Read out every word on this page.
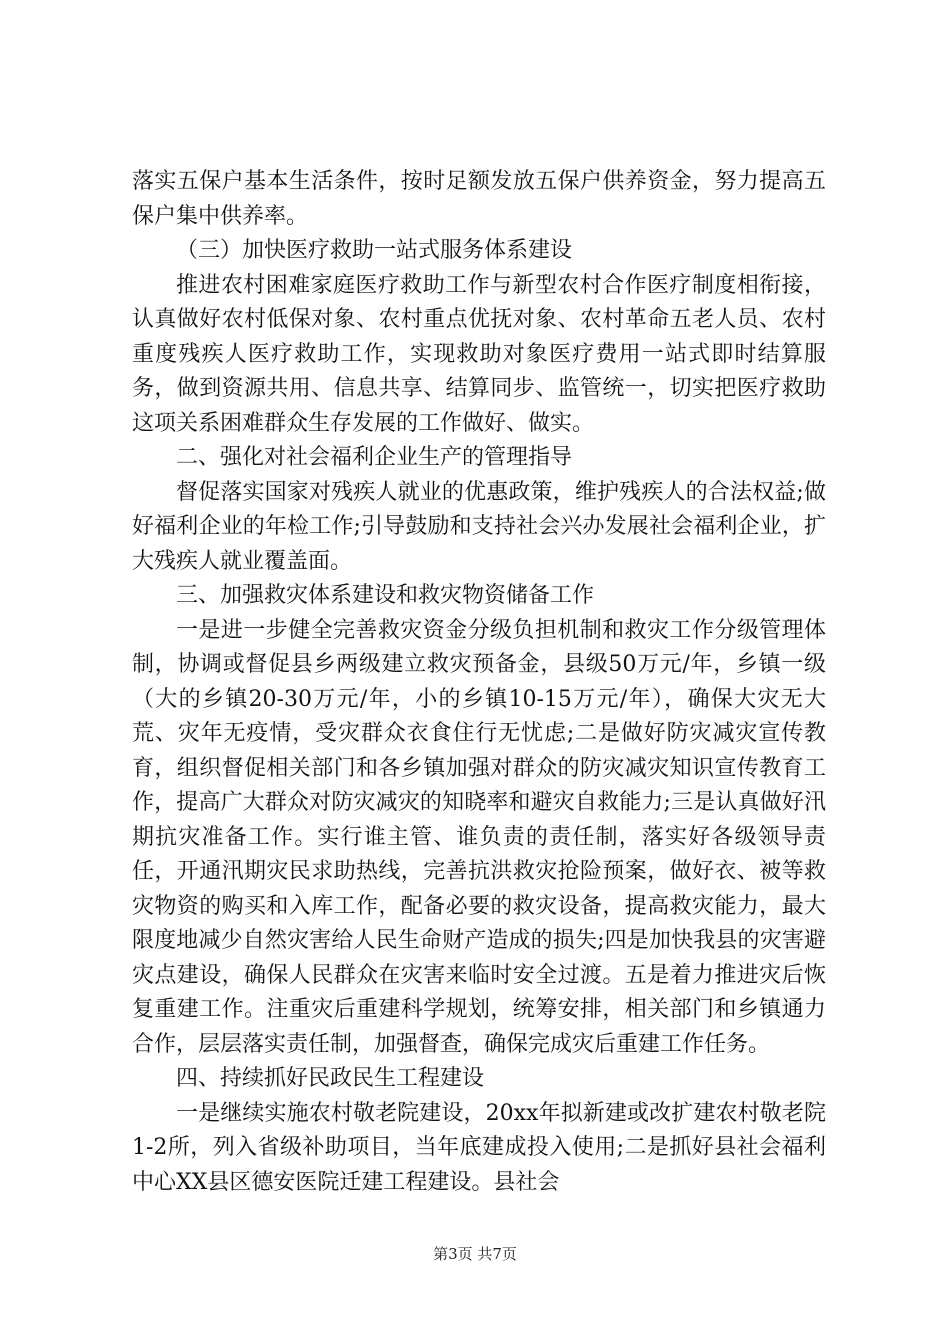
落实五保户基本生活条件，按时足额发放五保户供养资金，努力提高五保户集中供养率。

（三）加快医疗救助一站式服务体系建设

推进农村困难家庭医疗救助工作与新型农村合作医疗制度相衔接，认真做好农村低保对象、农村重点优抚对象、农村革命五老人员、农村重度残疾人医疗救助工作，实现救助对象医疗费用一站式即时结算服务，做到资源共用、信息共享、结算同步、监管统一，切实把医疗救助这项关系困难群众生存发展的工作做好、做实。

二、强化对社会福利企业生产的管理指导

督促落实国家对残疾人就业的优惠政策，维护残疾人的合法权益;做好福利企业的年检工作;引导鼓励和支持社会兴办发展社会福利企业，扩大残疾人就业覆盖面。

三、加强救灾体系建设和救灾物资储备工作

一是进一步健全完善救灾资金分级负担机制和救灾工作分级管理体制，协调或督促县乡两级建立救灾预备金，县级50万元/年，乡镇一级（大的乡镇20-30万元/年，小的乡镇10-15万元/年），确保大灾无大荒、灾年无疫情，受灾群众衣食住行无忧虑;二是做好防灾减灾宣传教育，组织督促相关部门和各乡镇加强对群众的防灾减灾知识宣传教育工作，提高广大群众对防灾减灾的知晓率和避灾自救能力;三是认真做好汛期抗灾准备工作。实行谁主管、谁负责的责任制，落实好各级领导责任，开通汛期灾民求助热线，完善抗洪救灾抢险预案，做好衣、被等救灾物资的购买和入库工作，配备必要的救灾设备，提高救灾能力，最大限度地减少自然灾害给人民生命财产造成的损失;四是加快我县的灾害避灾点建设，确保人民群众在灾害来临时安全过渡。五是着力推进灾后恢复重建工作。注重灾后重建科学规划，统筹安排，相关部门和乡镇通力合作，层层落实责任制，加强督查，确保完成灾后重建工作任务。

四、持续抓好民政民生工程建设

一是继续实施农村敬老院建设，20xx年拟新建或改扩建农村敬老院1-2所，列入省级补助项目，当年底建成投入使用;二是抓好县社会福利中心XX县区德安医院迁建工程建设。县社会

第3页 共7页
